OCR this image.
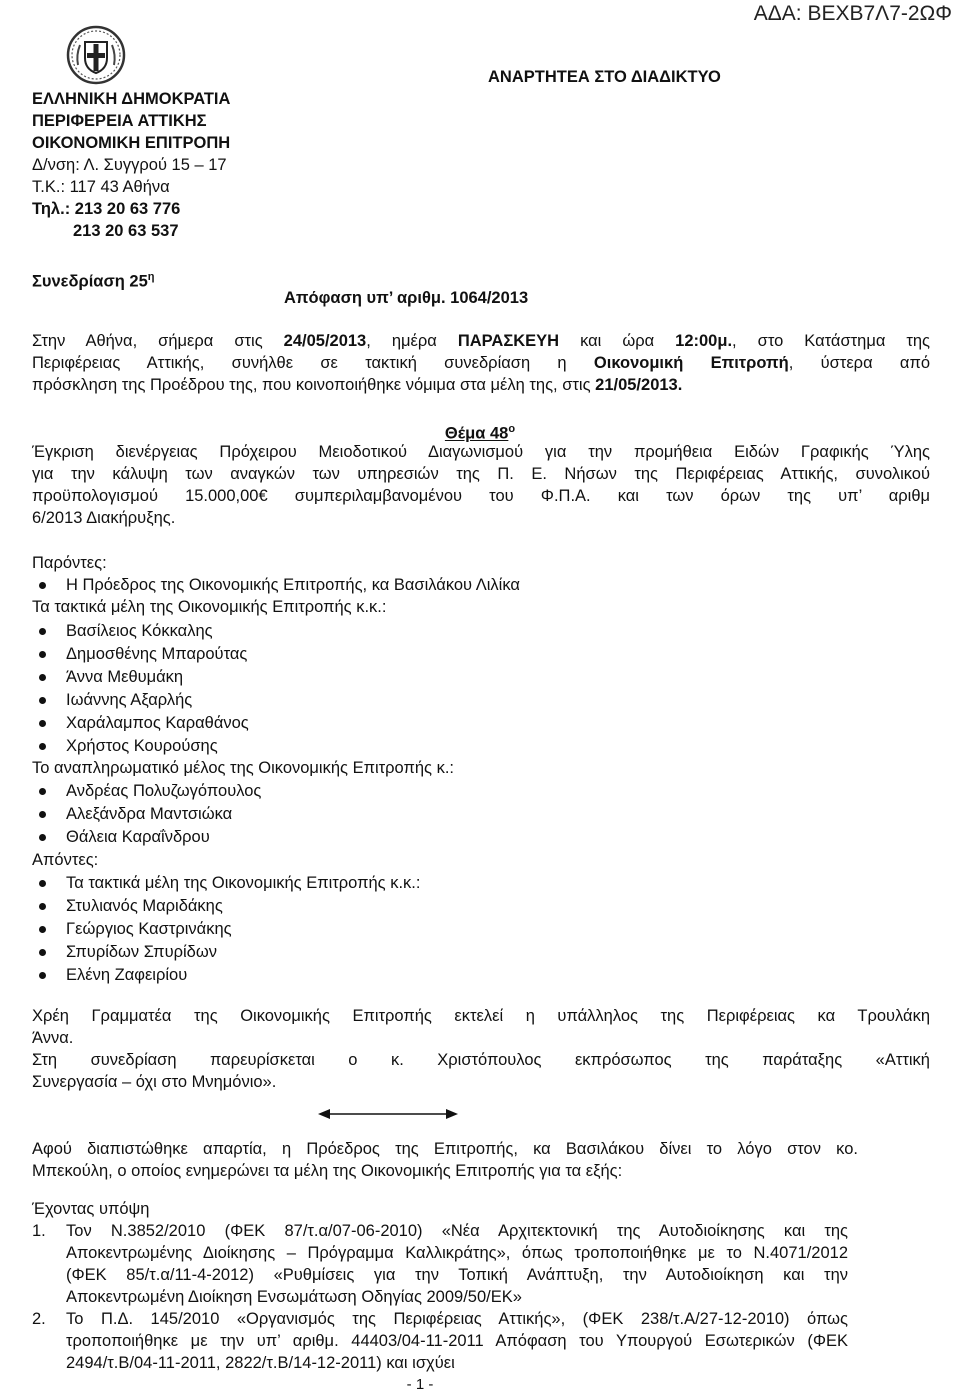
ΑΔΑ: ΒΕΧΒ7Λ7-2ΩΦ
ΕΛΛΗΝΙΚΗ ΔΗΜΟΚΡΑΤΙΑ
ΠΕΡΙΦΕΡΕΙΑ ΑΤΤΙΚΗΣ
ΟΙΚΟΝΟΜΙΚΗ ΕΠΙΤΡΟΠΗ
Δ/νση: Λ. Συγγρού 15 – 17
Τ.Κ.: 117 43 Αθήνα
Τηλ.: 213 20 63 776
213 20 63 537
ΑΝΑΡΤΗΤΕΑ ΣΤΟ ΔΙΑΔΙΚΤΥΟ
Συνεδρίαση $25^\eta$
Απόφαση υπ’ αριθμ. 1064/2013
Στην Αθήνα, σήμερα στις 24/05/2013, ημέρα ΠΑΡΑΣΚΕΥΗ και ώρα 12:00μ., στο Κατάστημα της
Περιφέρειας Αττικής, συνήλθε σε τακτική συνεδρίαση η Οικονομική Επιτροπή, ύστερα από
πρόσκληση της Προέδρου της, που κοινοποιήθηκε νόμιμα στα μέλη της, στις 21/05/2013.
Θέμα $48^o$
Έγκριση διενέργειας Πρόχειρου Μειοδοτικού Διαγωνισμού για την προμήθεια Ειδών Γραφικής Ύλης
για την κάλυψη των αναγκών των υπηρεσιών της Π. Ε. Νήσων της Περιφέρειας Αττικής, συνολικού
προϋπολογισμού 15.000,00€ συμπεριλαμβανομένου του Φ.Π.Α. και των όρων της υπ’ αριθμ
6/2013 Διακήρυξης.
Παρόντες:
Η Πρόεδρος της Οικονομικής Επιτροπής, κα Βασιλάκου Λιλίκα
Τα τακτικά μέλη της Οικονομικής Επιτροπής κ.κ.:
Βασίλειος Κόκκαλης
Δημοσθένης Μπαρούτας
Άννα Μεθυμάκη
Ιωάννης Αξαρλής
Χαράλαμπος Καραθάνος
Χρήστος Κουρούσης
Το αναπληρωματικό μέλος της Οικονομικής Επιτροπής κ.:
Ανδρέας Πολυζωγόπουλος
Αλεξάνδρα Μαντσιώκα
Θάλεια Καραΐνδρου
Απόντες:
Τα τακτικά μέλη της Οικονομικής Επιτροπής κ.κ.:
Στυλιανός Μαριδάκης
Γεώργιος Καστρινάκης
Σπυρίδων Σπυρίδων
Ελένη Ζαφειρίου
Χρέη Γραμματέα της Οικονομικής Επιτροπής εκτελεί η υπάλληλος της Περιφέρειας κα Τρουλάκη
Άννα.
Στη συνεδρίαση παρευρίσκεται ο κ. Χριστόπουλος εκπρόσωπος της παράταξης «Αττική
Συνεργασία – όχι στο Μνημόνιο».
Αφού διαπιστώθηκε απαρτία, η Πρόεδρος της Επιτροπής, κα Βασιλάκου δίνει το λόγο στον κο.
Μπεκούλη, ο οποίος ενημερώνει τα μέλη της Οικονομικής Επιτροπής για τα εξής:
Έχοντας υπόψη
1. Τον Ν.3852/2010 (ΦΕΚ 87/τ.α/07-06-2010) «Νέα Αρχιτεκτονική της Αυτοδιοίκησης και της
Αποκεντρωμένης Διοίκησης – Πρόγραμμα Καλλικράτης», όπως τροποποιήθηκε με το Ν.4071/2012
(ΦΕΚ 85/τ.α/11-4-2012) «Ρυθμίσεις για την Τοπική Ανάπτυξη, την Αυτοδιοίκηση και την
Αποκεντρωμένη Διοίκηση Ενσωμάτωση Οδηγίας 2009/50/ΕΚ»
2. Το Π.Δ. 145/2010 «Οργανισμός της Περιφέρειας Αττικής», (ΦΕΚ 238/τ.Α/27-12-2010) όπως
τροποποιήθηκε με την υπ’ αριθμ. 44403/04-11-2011 Απόφαση του Υπουργού Εσωτερικών (ΦΕΚ
2494/τ.Β/04-11-2011, 2822/τ.Β/14-12-2011) και ισχύει
- 1 -
